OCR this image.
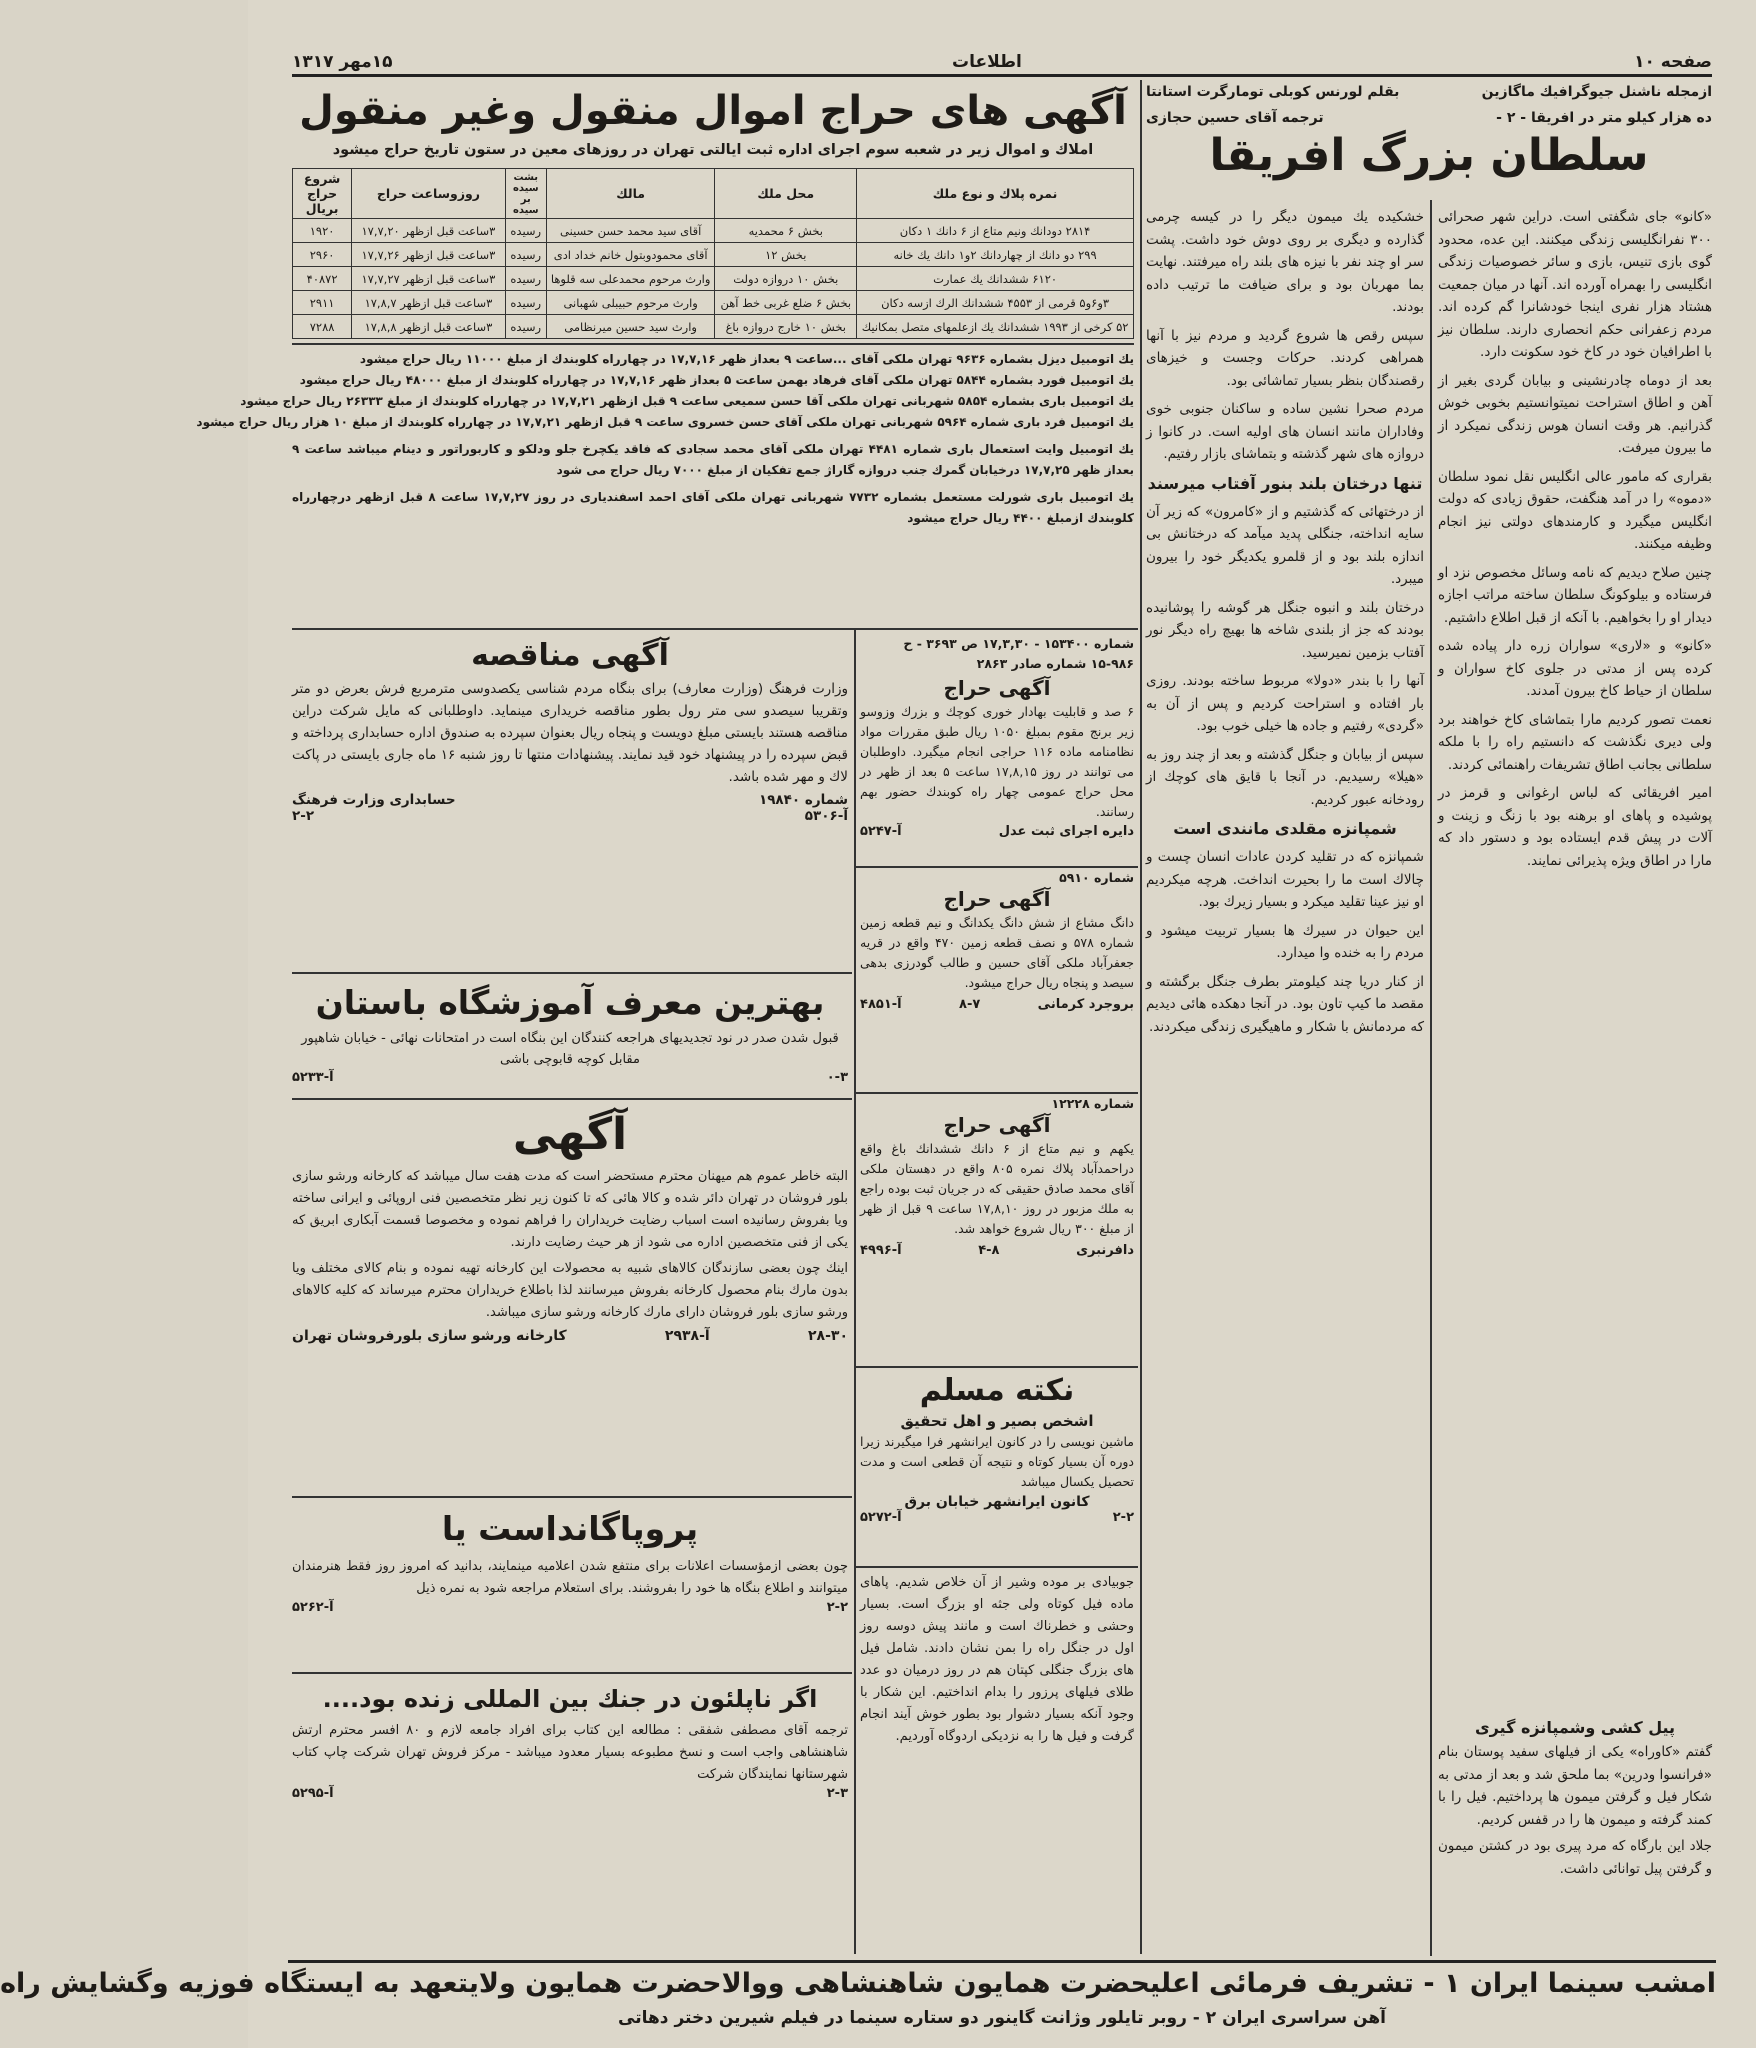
صفحه ۱۰
اطلاعات
۱۵مهر ۱۳۱۷
ازمجله ناشنل جیوگرافیك ماگازین
بقلم لورنس کوبلی تومارگرت استانتا
ده هزار کیلو متر در افریقا - ۲ -
ترجمه آقای حسین حجازی
سلطان بزرگ افریقا

«کانو» جای شگفتی است. دراین شهر صحرائی ۳۰۰ نفرانگلیسی زندگی میکنند. این عده، محدود گوی بازی تنیس، بازی و سائر خصوصیات زندگی انگلیسی را بهمراه آورده اند. آنها در میان جمعیت هشتاد هزار نفری اینجا خودشانرا گم کرده اند. مردم زعفرانی حکم انحصاری دارند. سلطان نیز با اطرافیان خود در کاخ خود سکونت دارد.

بعد از دوماه چادرنشینی و بیابان گردی بغیر از آهن و اطاق استراحت نمیتوانستیم بخوبی خوش گذرانیم. هر وقت انسان هوس زندگی نمیکرد از ما بیرون میرفت.

بقراری که مامور عالی انگلیس نقل نمود سلطان «دموه» را در آمد هنگفت، حقوق زیادی که دولت انگلیس میگیرد و کارمندهای دولتی نیز انجام وظیفه میکنند.

چنین صلاح دیدیم که نامه وسائل مخصوص نزد او فرستاده و بیلوکونگ سلطان ساخته مراتب اجازه دیدار او را بخواهیم. با آنکه از قبل اطلاع داشتیم.

«کانو» و «لاری» سواران زره دار پیاده شده کرده پس از مدتی در جلوی کاخ سواران و سلطان از حیاط کاخ بیرون آمدند.

نعمت تصور کردیم مارا بتماشای کاخ خواهند برد ولی دیری نگذشت که دانستیم راه را با ملکه سلطانی بجانب اطاق تشریفات راهنمائی کردند.

امیر افریقائی که لباس ارغوانی و قرمز در پوشیده و پاهای او برهنه بود با زنگ و زینت و آلات در پیش قدم ایستاده بود و دستور داد که مارا در اطاق ویژه پذیرائی نمایند.

پیل کشی وشمپانزه گیری

گفتم «کاوراه» یکی از فیلهای سفید پوستان بنام «فرانسوا ودرین» بما ملحق شد و بعد از مدتی به شکار فیل و گرفتن میمون ها پرداختیم. فیل را با کمند گرفته و میمون ها را در قفس کردیم.

جلاد این بارگاه که مرد پیری بود در کشتن میمون و گرفتن پیل توانائی داشت.

خشکیده یك میمون دیگر را در کیسه چرمی گذارده و دیگری بر روی دوش خود داشت. پشت سر او چند نفر با نیزه های بلند راه میرفتند. نهایت بما مهربان بود و برای ضیافت ما ترتیب داده بودند.

سپس رقص ها شروع گردید و مردم نیز با آنها همراهی کردند. حرکات وجست و خیزهای رقصندگان بنظر بسیار تماشائی بود.

مردم صحرا نشین ساده و ساکنان جنوبی خوی وفاداران مانند انسان های اولیه است. در کانوا ز دروازه های شهر گذشته و بتماشای بازار رفتیم.

تنها درختان بلند بنور آفتاب میرسند

از درختهائی که گذشتیم و از «کامرون» که زیر آن سایه انداخته، جنگلی پدید میآمد که درختانش بی اندازه بلند بود و از قلمرو یکدیگر خود را بیرون میبرد.

درختان بلند و انبوه جنگل هر گوشه را پوشانیده بودند که جز از بلندی شاخه ها بهیچ راه دیگر نور آفتاب بزمین نمیرسید.

آنها را با بندر «دولا» مربوط ساخته بودند. روزی بار افتاده و استراحت کردیم و پس از آن به «گردی» رفتیم و جاده ها خیلی خوب بود.

سپس از بیابان و جنگل گذشته و بعد از چند روز به «هیلا» رسیدیم. در آنجا با قایق های کوچك از رودخانه عبور کردیم.

شمپانزه مقلدی مانندی است

شمپانزه که در تقلید کردن عادات انسان چست و چالاك است ما را بحیرت انداخت. هرچه میکردیم او نیز عینا تقلید میکرد و بسیار زیرك بود.

این حیوان در سیرك ها بسیار تربیت میشود و مردم را به خنده وا میدارد.

از کنار دریا چند کیلومتر بطرف جنگل برگشته و مقصد ما کیپ تاون بود. در آنجا دهکده هائی دیدیم که مردمانش با شکار و ماهیگیری زندگی میکردند.

آگهی های حراج اموال منقول وغیر منقول
املاك و اموال زیر در شعبه سوم اجرای اداره ثبت ایالتی تهران در روزهای معین در ستون تاریخ حراج میشود
نمره پلاك و نوع ملك	محل ملك	مالك	بشت سیده بر سیده	روزوساعت حراج	شروع حراج بریال
۲۸۱۴ دودانك ونیم متاع از ۶ دانك ۱ دكان	بخش ۶ محمدیه	آقای سید محمد حسن حسینی	رسیده	۳ساعت قبل ازظهر ۱۷,۷,۲۰	۱۹۲۰
۲۹۹ دو دانك از چهاردانك ۲و۱ دانك یك خانه	بخش ۱۲	آقای محمودوبتول خانم خداد ادی	رسیده	۳ساعت قبل ازظهر ۱۷,۷,۲۶	۲۹۶۰
۶۱۲۰ ششدانك یك عمارت	بخش ۱۰ دروازه دولت	وارث مرحوم محمدعلی سه قلوها	رسیده	۳ساعت قبل ازظهر ۱۷,۷,۲۷	۴۰۸۷۲
۳و۶و۵ قرمی از ۴۵۵۳ ششدانك الرك ازسه دكان	بخش ۶ ضلع غربی خط آهن	وارث مرحوم حبیبلی شهبانی	رسیده	۳ساعت قبل ازظهر ۱۷,۸,۷	۲۹۱۱
۵۲ کرخی از ۱۹۹۳ ششدانك یك ازعلمهای متصل بمکانیك	بخش ۱۰ خارج دروازه باغ	وارث سید حسین میرنظامی	رسیده	۳ساعت قبل ازظهر ۱۷,۸,۸	۷۲۸۸
یك اتومبیل دیزل بشماره ۹۶۳۶ تهران ملکی آقای ...ساعت ۹ بعداز ظهر ۱۷,۷,۱۶ در چهارراه کلوبندك از مبلغ ۱۱۰۰۰ ریال حراج میشود
یك اتومبیل فورد بشماره ۵۸۴۴ تهران ملکی آقای فرهاد بهمن ساعت ۵ بعداز ظهر ۱۷,۷,۱۶ در چهارراه کلوبندك از مبلغ ۴۸۰۰۰ ریال حراج میشود
یك اتومبیل باری بشماره ۵۸۵۴ شهربانی تهران ملکی آقا حسن سمیعی ساعت ۹ قبل ازظهر ۱۷,۷,۲۱ در چهارراه کلوبندك از مبلغ ۲۶۳۳۳ ریال حراج میشود
یك اتومبیل فرد باری شماره ۵۹۶۴ شهربانی تهران ملکی آقای حسن خسروی ساعت ۹ قبل ازظهر ۱۷,۷,۲۱ در چهارراه کلوبندك از مبلغ ۱۰ هزار ریال حراج میشود
یك اتومبیل وایت استعمال باری شماره ۴۴۸۱ تهران ملکی آقای محمد سجادی که فاقد یکچرخ جلو ودلکو و کاربوراتور و دینام میباشد ساعت ۹ بعداز ظهر ۱۷,۷,۲۵ درخیابان گمرك جنب دروازه گاراژ جمع تفکیان از مبلغ ۷۰۰۰ ریال حراج می شود
یك اتومبیل باری شورلت مستعمل بشماره ۷۷۳۲ شهربانی تهران ملکی آقای احمد اسفندیاری در روز ۱۷,۷,۲۷ ساعت ۸ قبل ازظهر درچهارراه کلوبندك ازمبلغ ۴۴۰۰ ریال حراج میشود
شماره ۱۵۳۴۰۰ - ۱۷,۳,۳۰ ص ۳۶۹۳ - ح ۹۸۶-۱۵ شماره صادر ۲۸۶۳
آگهی حراج

۶ صد و قابلیت بهادار خوری کوچك و بزرك وزوسو زیر برنج مقوم بمبلغ ۱۰۵۰ ریال طبق مقررات مواد نظامنامه ماده ۱۱۶ حراجی انجام میگیرد. داوطلبان می توانند در روز ۱۷,۸,۱۵ ساعت ۵ بعد از ظهر در محل حراج عمومی چهار راه کوبندك حضور بهم رسانند.

دایره اجرای ثبت عدل
آ-۵۲۴۷
شماره ۵۹۱۰
آگهی حراج

دانگ مشاع از شش دانگ یکدانگ و نیم قطعه زمین شماره ۵۷۸ و نصف قطعه زمین ۴۷۰ واقع در قریه جعفرآباد ملکی آقای حسین و طالب گودرزی بدهی سیصد و پنجاه ریال حراج میشود.

بروجرد کرمانی
۸-۷
آ-۴۸۵۱
شماره ۱۲۲۲۸
آگهی حراج

یکهم و نیم متاع از ۶ دانك ششدانك باغ واقع دراحمدآباد پلاك نمره ۸۰۵ واقع در دهستان ملکی آقای محمد صادق حقیقی که در جریان ثبت بوده راجع به ملك مزبور در روز ۱۷,۸,۱۰ ساعت ۹ قبل از ظهر از مبلغ ۳۰۰ ریال شروع خواهد شد.

دافرنبری
۴-۸
آ-۴۹۹۶
نکته مسلم
اشخص بصیر و اهل تحقیق

ماشین نویسی را در کانون ایرانشهر فرا میگیرند زیرا دوره آن بسیار کوتاه و نتیجه آن قطعی است و مدت تحصیل یکسال میباشد

کانون ایرانشهر خیابان برق
۲-۲
آ-۵۲۷۲

جوبیادی بر موده وشیر از آن خلاص شدیم. پاهای ماده فیل کوتاه ولی جثه او بزرگ است. بسیار وحشی و خطرناك است و مانند پیش دوسه روز اول در جنگل راه را بمن نشان دادند. شامل فیل های بزرگ جنگلی کپتان هم در روز درمیان دو عدد طلای فیلهای پرزور را بدام انداختیم. این شکار با وجود آنکه بسیار دشوار بود بطور خوش آیند انجام گرفت و فیل ها را به نزدیکی اردوگاه آوردیم.

آگهی مناقصه

وزارت فرهنگ (وزارت معارف) برای بنگاه مردم شناسی یکصدوسی مترمربع فرش بعرض دو متر وتقریبا سیصدو سی متر رول بطور مناقصه خریداری مینماید. داوطلبانی که مایل شرکت دراین مناقصه هستند بایستی مبلغ دویست و پنجاه ریال بعنوان سپرده به صندوق اداره حسابداری پرداخته و قبض سپرده را در پیشنهاد خود قید نمایند. پیشنهادات منتها تا روز شنبه ۱۶ ماه جاری بایستی در پاکت لاك و مهر شده باشد.

شماره ۱۹۸۴۰
حسابداری وزارت فرهنگ
آ-۵۳۰۶
۲-۲
بهترین معرف آموزشگاه باستان

قبول شدن صدر در نود تجدیدیهای هراجعه کنندگان این بنگاه است در امتحانات نهائی - خیابان شاهپور مقابل کوچه قابوچی باشی

۰-۳
آ-۵۲۳۳
آگهی

البته خاطر عموم هم میهنان محترم مستحضر است که مدت هفت سال میباشد که کارخانه ورشو سازی بلور فروشان در تهران دائر شده و کالا هائی که تا کنون زیر نظر متخصصین فنی اروپائی و ایرانی ساخته ویا بفروش رسانیده است اسباب رضایت خریداران را فراهم نموده و مخصوصا قسمت آبکاری ابریق که یکی از فنی متخصصین اداره می شود از هر حیث رضایت دارند.

اینك چون بعضی سازندگان کالاهای شبیه به محصولات این کارخانه تهیه نموده و بنام کالای مختلف ویا بدون مارك بنام محصول کارخانه بفروش میرسانند لذا باطلاع خریداران محترم میرساند که کلیه کالاهای ورشو سازی بلور فروشان دارای مارك کارخانه ورشو سازی میباشد.

۲۸-۳۰
آ-۲۹۳۸
کارخانه ورشو سازی بلورفروشان تهران
پروپاگانداست یا

چون بعضی ازمؤسسات اعلانات برای منتفع شدن اعلامیه مینمایند، بدانید که امروز روز فقط هنرمندان میتوانند و اطلاع بنگاه ها خود را بفروشند. برای استعلام مراجعه شود به نمره ذیل

۲-۲
آ-۵۲۶۲
اگر ناپلئون در جنك بین المللی زنده بود....

ترجمه آقای مصطفی شفقی : مطالعه این کتاب برای افراد جامعه لازم و ۸۰ افسر محترم ارتش شاهنشاهی واجب است و نسخ مطبوعه بسیار معدود میباشد - مرکز فروش تهران شرکت چاپ کتاب شهرستانها نمایندگان شرکت

۲-۳
آ-۵۲۹۵
امشب سینما ایران ۱ - تشریف فرمائی اعلیحضرت همایون شاهنشاهی ووالاحضرت همایون ولایتعهد به ایستگاه فوزیه وگشایش راه
آهن سراسری ایران ۲ - روبر تایلور وژانت گاینور دو ستاره سینما در فیلم شیرین دختر دهاتی
